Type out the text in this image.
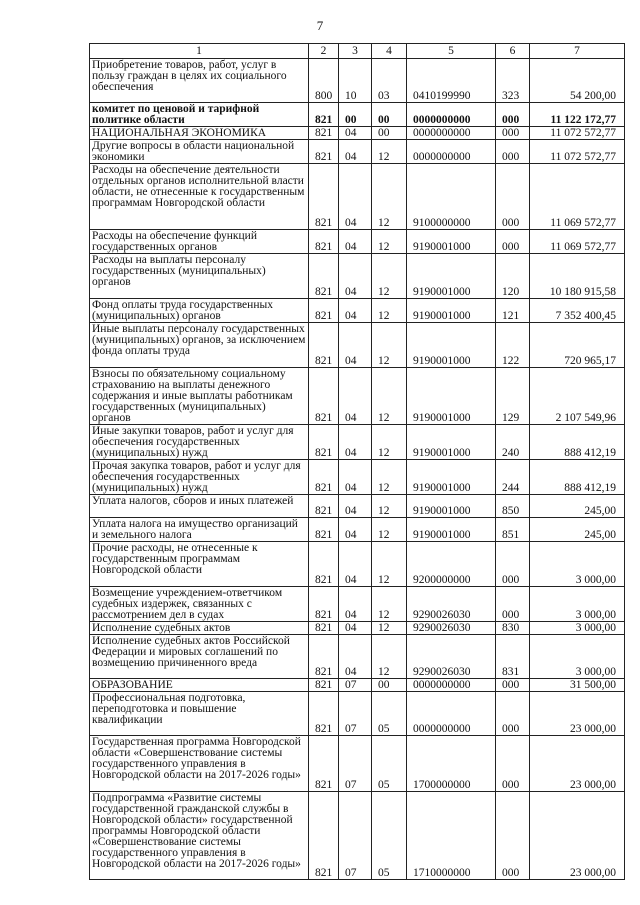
7
1	2	3	4	5	6	7
Приобретение товаров, работ, услуг в пользу граждан в целях их социального обеспечения	800	10	03	0410199990	323	54 200,00
комитет по ценовой и тарифной политике области	821	00	00	0000000000	000	11 122 172,77
НАЦИОНАЛЬНАЯ ЭКОНОМИКА	821	04	00	0000000000	000	11 072 572,77
Другие вопросы в области национальной экономики	821	04	12	0000000000	000	11 072 572,77
Расходы на обеспечение деятельности отдельных органов исполнительной власти области, не отнесенные к государственным программам Новгородской области	821	04	12	9100000000	000	11 069 572,77
Расходы на обеспечение функций государственных органов	821	04	12	9190001000	000	11 069 572,77
Расходы на выплаты персоналу государственных (муниципальных) органов	821	04	12	9190001000	120	10 180 915,58
Фонд оплаты труда государственных (муниципальных) органов	821	04	12	9190001000	121	7 352 400,45
Иные выплаты персоналу государственных (муниципальных) органов, за исключением фонда оплаты труда	821	04	12	9190001000	122	720 965,17
Взносы по обязательному социальному страхованию на выплаты денежного содержания и иные выплаты работникам государственных (муниципальных) органов	821	04	12	9190001000	129	2 107 549,96
Иные закупки товаров, работ и услуг для обеспечения государственных (муниципальных) нужд	821	04	12	9190001000	240	888 412,19
Прочая закупка товаров, работ и услуг для обеспечения государственных (муниципальных) нужд	821	04	12	9190001000	244	888 412,19
Уплата налогов, сборов и иных платежей	821	04	12	9190001000	850	245,00
Уплата налога на имущество организаций и земельного налога	821	04	12	9190001000	851	245,00
Прочие расходы, не отнесенные к государственным программам Новгородской области	821	04	12	9200000000	000	3 000,00
Возмещение учреждением-ответчиком судебных издержек, связанных с рассмотрением дел в судах	821	04	12	9290026030	000	3 000,00
Исполнение судебных актов	821	04	12	9290026030	830	3 000,00
Исполнение судебных актов Российской Федерации и мировых соглашений по возмещению причиненного вреда	821	04	12	9290026030	831	3 000,00
ОБРАЗОВАНИЕ	821	07	00	0000000000	000	31 500,00
Профессиональная подготовка, переподготовка и повышение квалификации	821	07	05	0000000000	000	23 000,00
Государственная программа Новгородской области «Совершенствование системы государственного управления в Новгородской области на 2017-2026 годы»	821	07	05	1700000000	000	23 000,00
Подпрограмма «Развитие системы государственной гражданской службы в Новгородской области» государственной программы Новгородской области «Совершенствование системы государственного управления в Новгородской области на 2017-2026 годы»	821	07	05	1710000000	000	23 000,00
